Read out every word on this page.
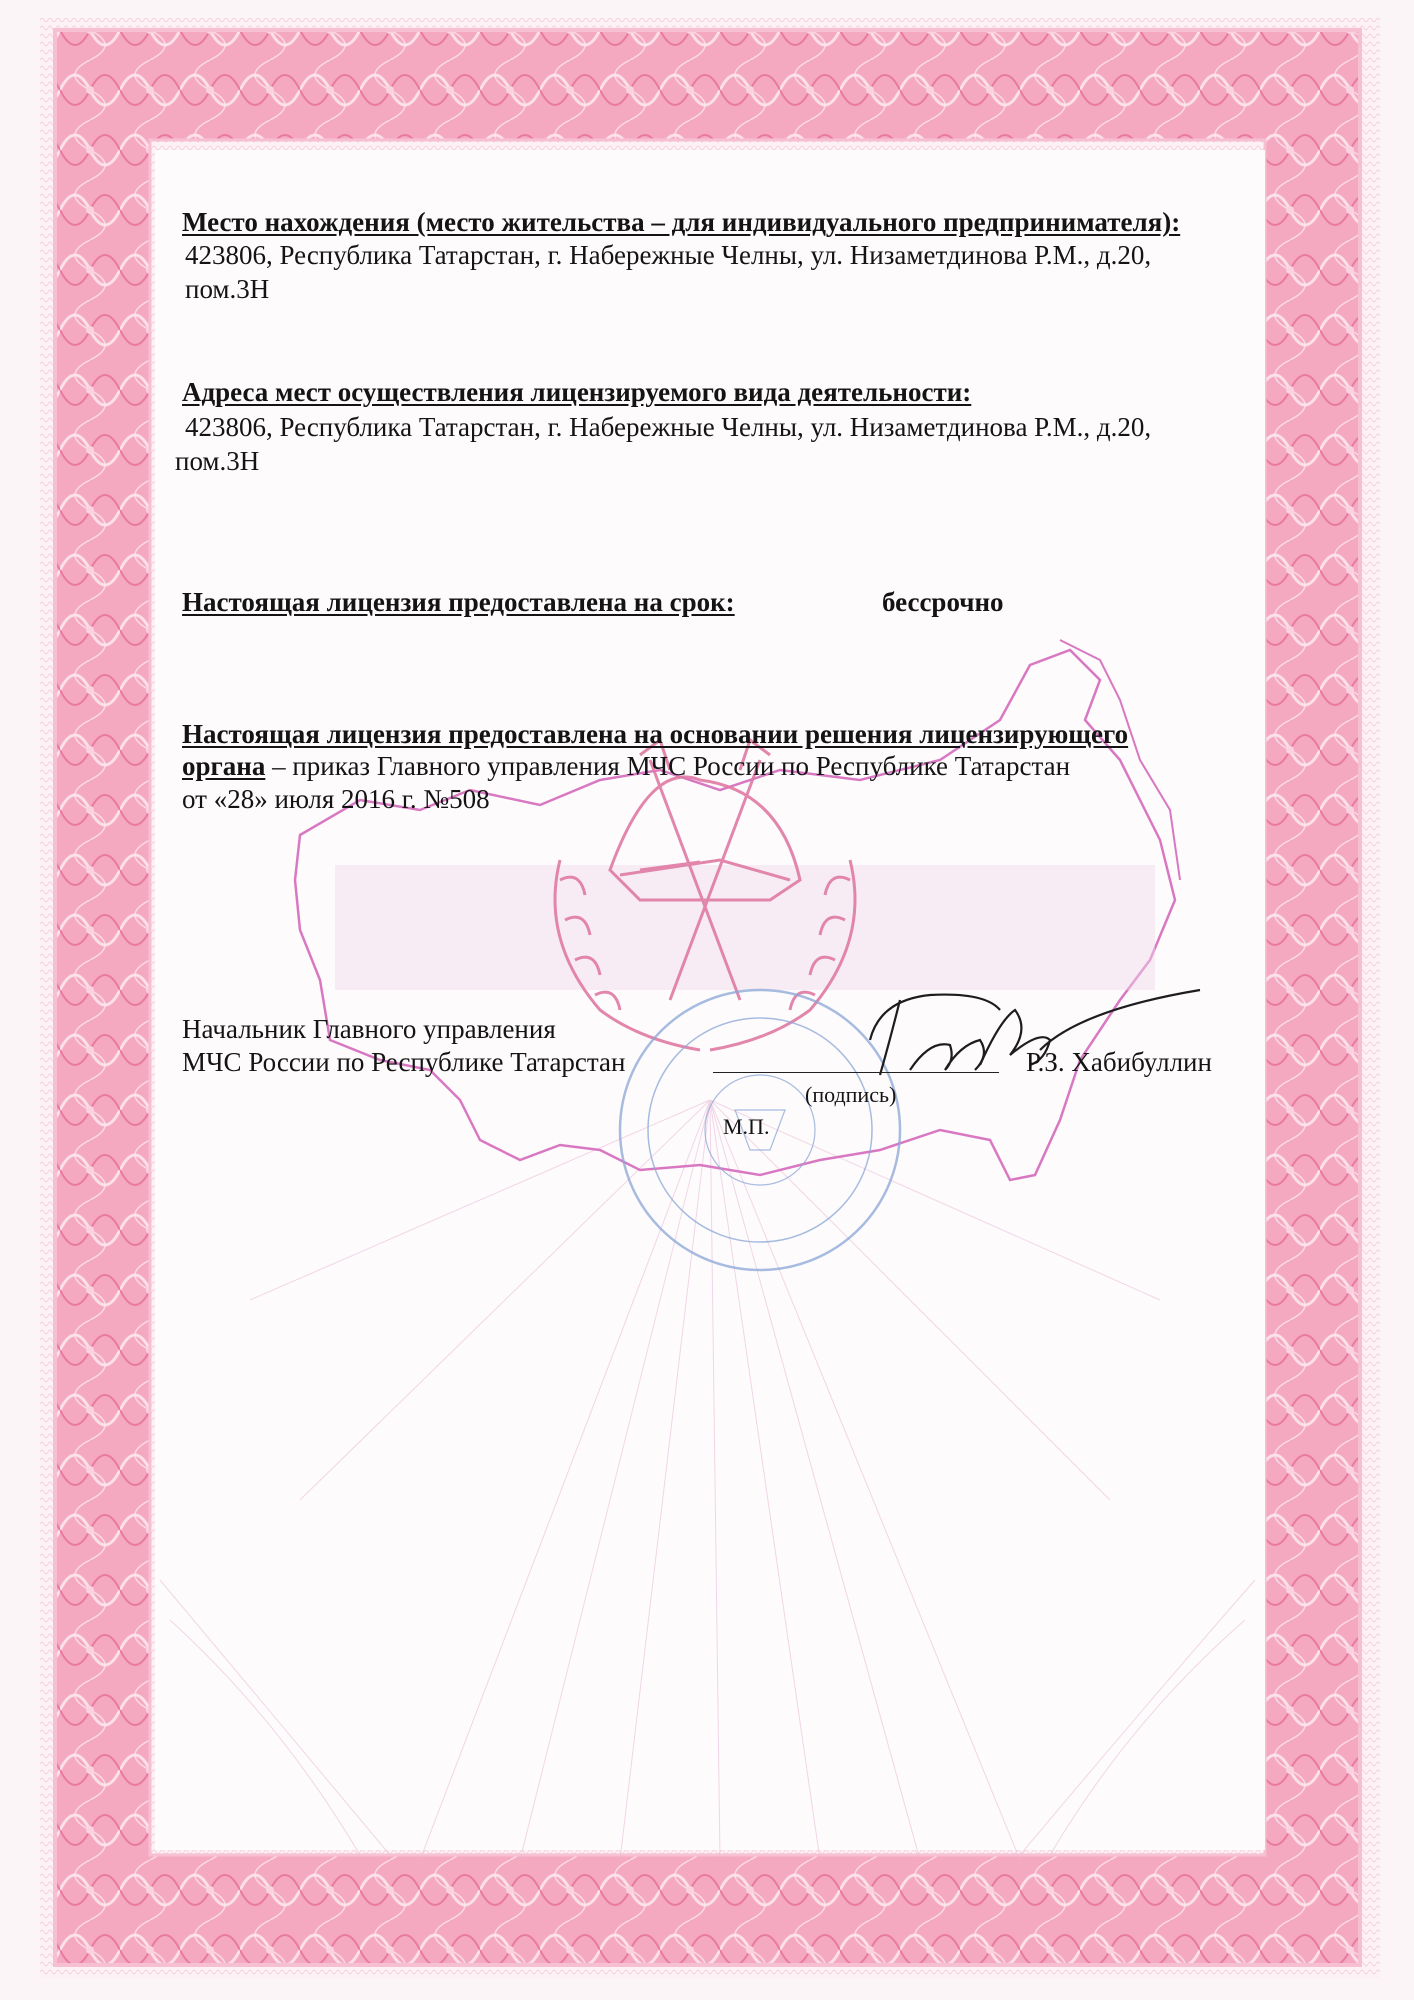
Место нахождения (место жительства – для индивидуального предпринимателя):
423806, Республика Татарстан, г. Набережные Челны, ул. Низаметдинова Р.М., д.20,
пом.3Н
Адреса мест осуществления лицензируемого вида деятельности:
423806, Республика Татарстан, г. Набережные Челны, ул. Низаметдинова Р.М., д.20,
пом.3Н
Настоящая лицензия предоставлена на срок:	бессрочно
Настоящая лицензия предоставлена на основании решения лицензирующего
органа – приказ Главного управления МЧС России по Республике Татарстан
от «28» июля 2016 г. №508
Начальник Главного управления
МЧС России по Республике Татарстан	Р.З. Хабибуллин
(подпись)
М.П.
